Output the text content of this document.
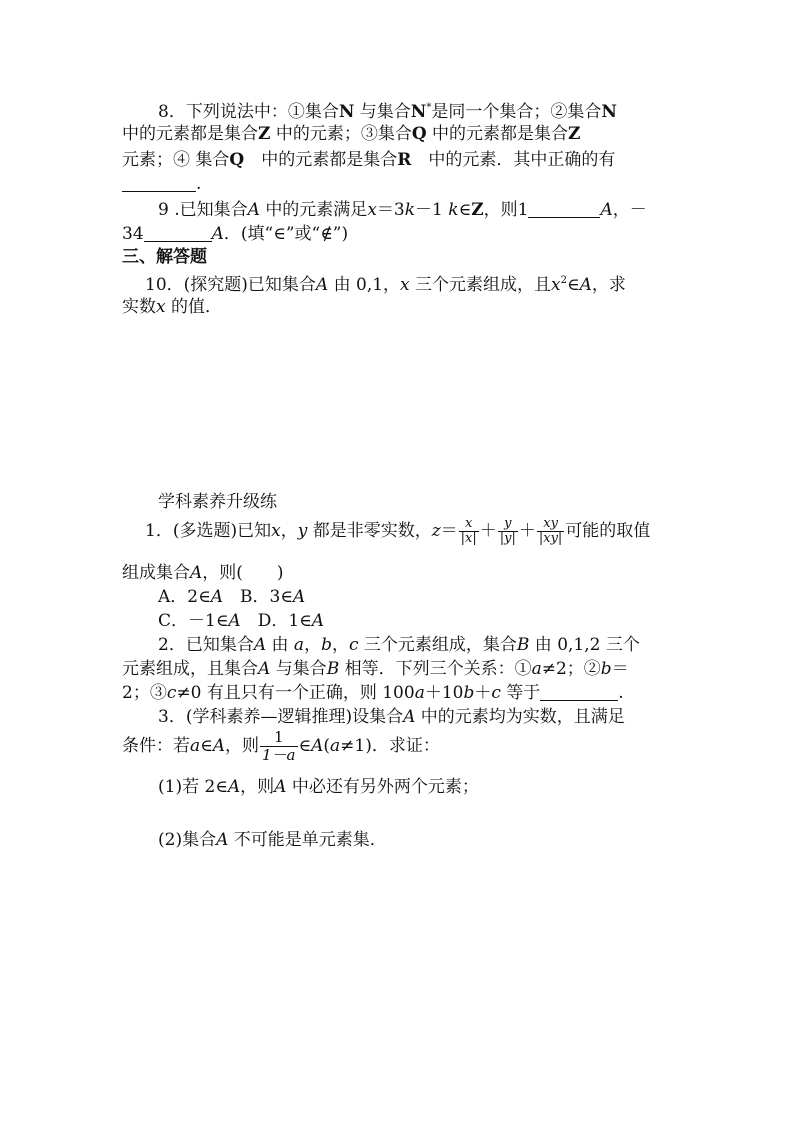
8．下列说法中：①集合N 与集合N*是同一个集合；②集合N
中的元素都是集合Z 中的元素；③集合Q 中的元素都是集合Z
元素；④ 集合Q　 中的元素都是集合R　 中的元素．其中正确的有
.
9 .已知集合A 中的元素满足x＝3k－1 k∈Z，则1	A，－
34	A．(填“∈”或“∉”)
三、解答题
10．(探究题)已知集合A 由 0,1，x 三个元素组成，且$x^2\in A$，求
实数x 的值．
学科素养升级练
1．(多选题)已知x，y 都是非零实数，$z= \frac{x}{|x|} + \frac{y}{|y|} + \frac{xy}{|xy|}$ 可能的取值
组成集合A，则(　　)
A．2∈A　 B．3∈A
C．－1∈A　 D．1∈A
2．已知集合A 由 a，b，c 三个元素组成，集合B 由 0,1,2 三个
元素组成，且集合A 与集合B 相等．下列三个关系：①a≠2；②b＝
2；③c≠0 有且只有一个正确，则 100a＋10b＋c 等于	.
3．(学科素养—逻辑推理)设集合A 中的元素均为实数，且满足
条件：若a∈A，则 $\frac{1}{1-a}$ ∈A(a≠1)．求证：
(1)若 2∈A，则A 中必还有另外两个元素；
(2)集合A 不可能是单元素集．
